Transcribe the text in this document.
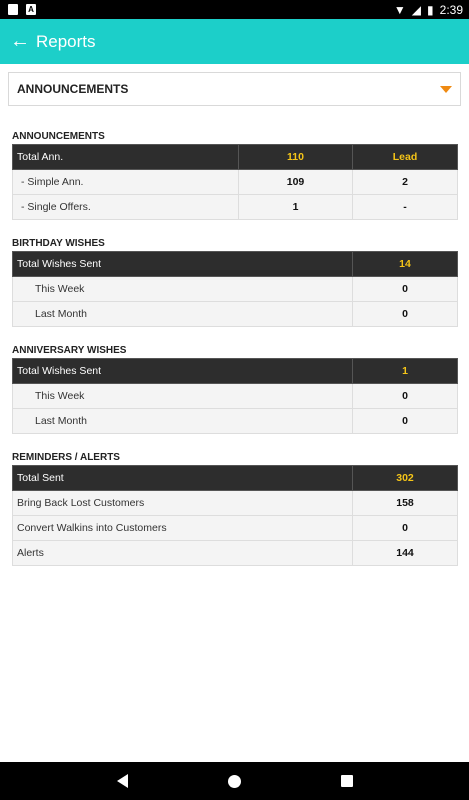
A	▼ ◢ ▮ 2:39
← Reports
ANNOUNCEMENTS
ANNOUNCEMENTS
Total Ann.	110	Lead
- Simple Ann.	109	2
- Single Offers.	1	-
BIRTHDAY WISHES
Total Wishes Sent	14
This Week	0
Last Month	0
ANNIVERSARY WISHES
Total Wishes Sent	1
This Week	0
Last Month	0
REMINDERS / ALERTS
Total Sent	302
Bring Back Lost Customers	158
Convert Walkins into Customers	0
Alerts	144
